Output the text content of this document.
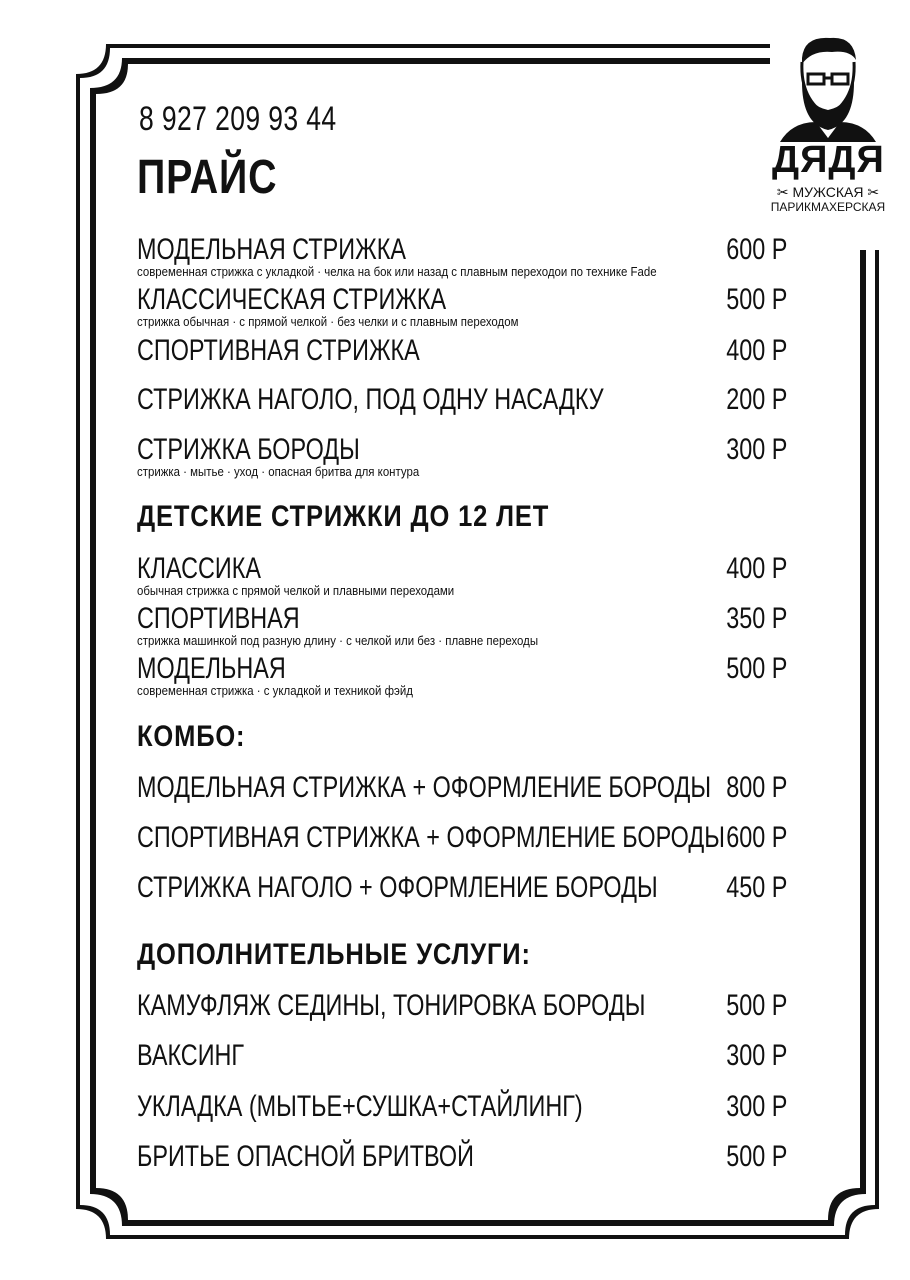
ДЯДЯ
✂ МУЖСКАЯ ✂
ПАРИКМАХЕРСКАЯ
8 927 209 93 44
ПРАЙС
МОДЕЛЬНАЯ СТРИЖКА
современная стрижка с укладкой · челка на бок или назад с плавным переходои по технике Fade
600 Р
КЛАССИЧЕСКАЯ СТРИЖКА
стрижка обычная · с прямой челкой · без челки и с плавным переходом
500 Р
СПОРТИВНАЯ СТРИЖКА	400 Р
СТРИЖКА НАГОЛО, ПОД ОДНУ НАСАДКУ	200 Р
СТРИЖКА БОРОДЫ
стрижка · мытье · уход · опасная бритва для контура
300 Р
ДЕТСКИЕ СТРИЖКИ ДО 12 ЛЕТ
КЛАССИКА
обычная стрижка с прямой челкой и плавными переходами
400 Р
СПОРТИВНАЯ
стрижка машинкой под разную длину · с челкой или без · плавне переходы
350 Р
МОДЕЛЬНАЯ
современная стрижка · с укладкой и техникой фэйд
500 Р
КОМБО:
МОДЕЛЬНАЯ СТРИЖКА + ОФОРМЛЕНИЕ БОРОДЫ 800 Р
СПОРТИВНАЯ СТРИЖКА + ОФОРМЛЕНИЕ БОРОДЫ 600 Р
СТРИЖКА НАГОЛО + ОФОРМЛЕНИЕ БОРОДЫ 450 Р
ДОПОЛНИТЕЛЬНЫЕ УСЛУГИ:
КАМУФЛЯЖ СЕДИНЫ, ТОНИРОВКА БОРОДЫ	500 Р
ВАКСИНГ	300 Р
УКЛАДКА (МЫТЬЕ+СУШКА+СТАЙЛИНГ)	300 Р
БРИТЬЕ ОПАСНОЙ БРИТВОЙ	500 Р
